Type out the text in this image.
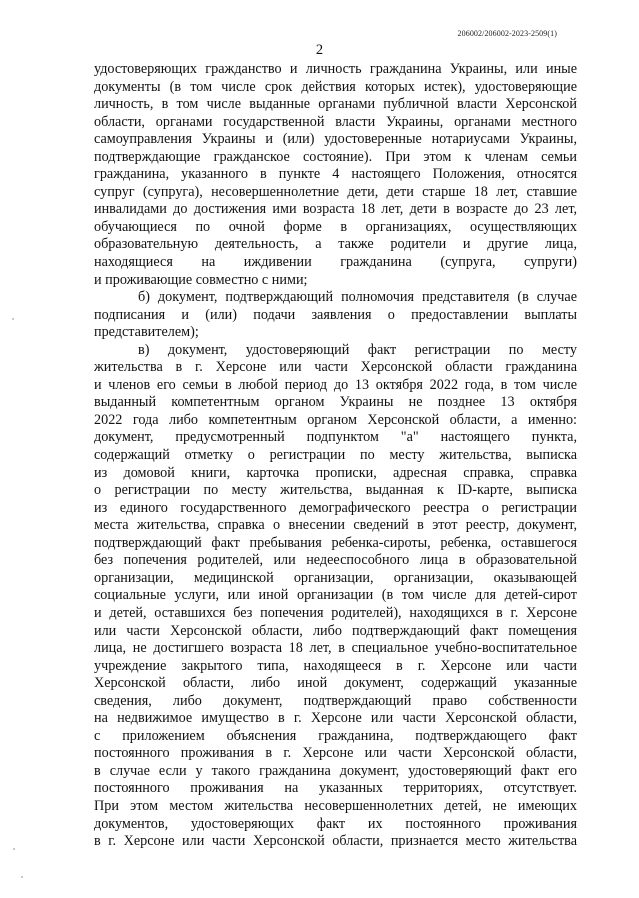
206002/206002-2023-2509(1)
2
удостоверяющих гражданство и личность гражданина Украины, или иные
документы (в том числе срок действия которых истек), удостоверяющие
личность, в том числе выданные органами публичной власти Херсонской
области, органами государственной власти Украины, органами местного
самоуправления Украины и (или) удостоверенные нотариусами Украины,
подтверждающие гражданское состояние). При этом к членам семьи
гражданина, указанного в пункте 4 настоящего Положения, относятся
супруг (супруга), несовершеннолетние дети, дети старше 18 лет, ставшие
инвалидами до достижения ими возраста 18 лет, дети в возрасте до 23 лет,
обучающиеся по очной форме в организациях, осуществляющих
образовательную деятельность, а также родители и другие лица,
находящиеся на иждивении гражданина (супруга, супруги)
и проживающие совместно с ними;
б) документ, подтверждающий полномочия представителя (в случае
подписания и (или) подачи заявления о предоставлении выплаты
представителем);
в) документ, удостоверяющий факт регистрации по месту
жительства в г. Херсоне или части Херсонской области гражданина
и членов его семьи в любой период до 13 октября 2022 года, в том числе
выданный компетентным органом Украины не позднее 13 октября
2022 года либо компетентным органом Херсонской области, а именно:
документ, предусмотренный подпунктом "а" настоящего пункта,
содержащий отметку о регистрации по месту жительства, выписка
из домовой книги, карточка прописки, адресная справка, справка
о регистрации по месту жительства, выданная к ID-карте, выписка
из единого государственного демографического реестра о регистрации
места жительства, справка о внесении сведений в этот реестр, документ,
подтверждающий факт пребывания ребенка-сироты, ребенка, оставшегося
без попечения родителей, или недееспособного лица в образовательной
организации, медицинской организации, организации, оказывающей
социальные услуги, или иной организации (в том числе для детей-сирот
и детей, оставшихся без попечения родителей), находящихся в г. Херсоне
или части Херсонской области, либо подтверждающий факт помещения
лица, не достигшего возраста 18 лет, в специальное учебно-воспитательное
учреждение закрытого типа, находящееся в г. Херсоне или части
Херсонской области, либо иной документ, содержащий указанные
сведения, либо документ, подтверждающий право собственности
на недвижимое имущество в г. Херсоне или части Херсонской области,
с приложением объяснения гражданина, подтверждающего факт
постоянного проживания в г. Херсоне или части Херсонской области,
в случае если у такого гражданина документ, удостоверяющий факт его
постоянного проживания на указанных территориях, отсутствует.
При этом местом жительства несовершеннолетних детей, не имеющих
документов, удостоверяющих факт их постоянного проживания
в г. Херсоне или части Херсонской области, признается место жительства
